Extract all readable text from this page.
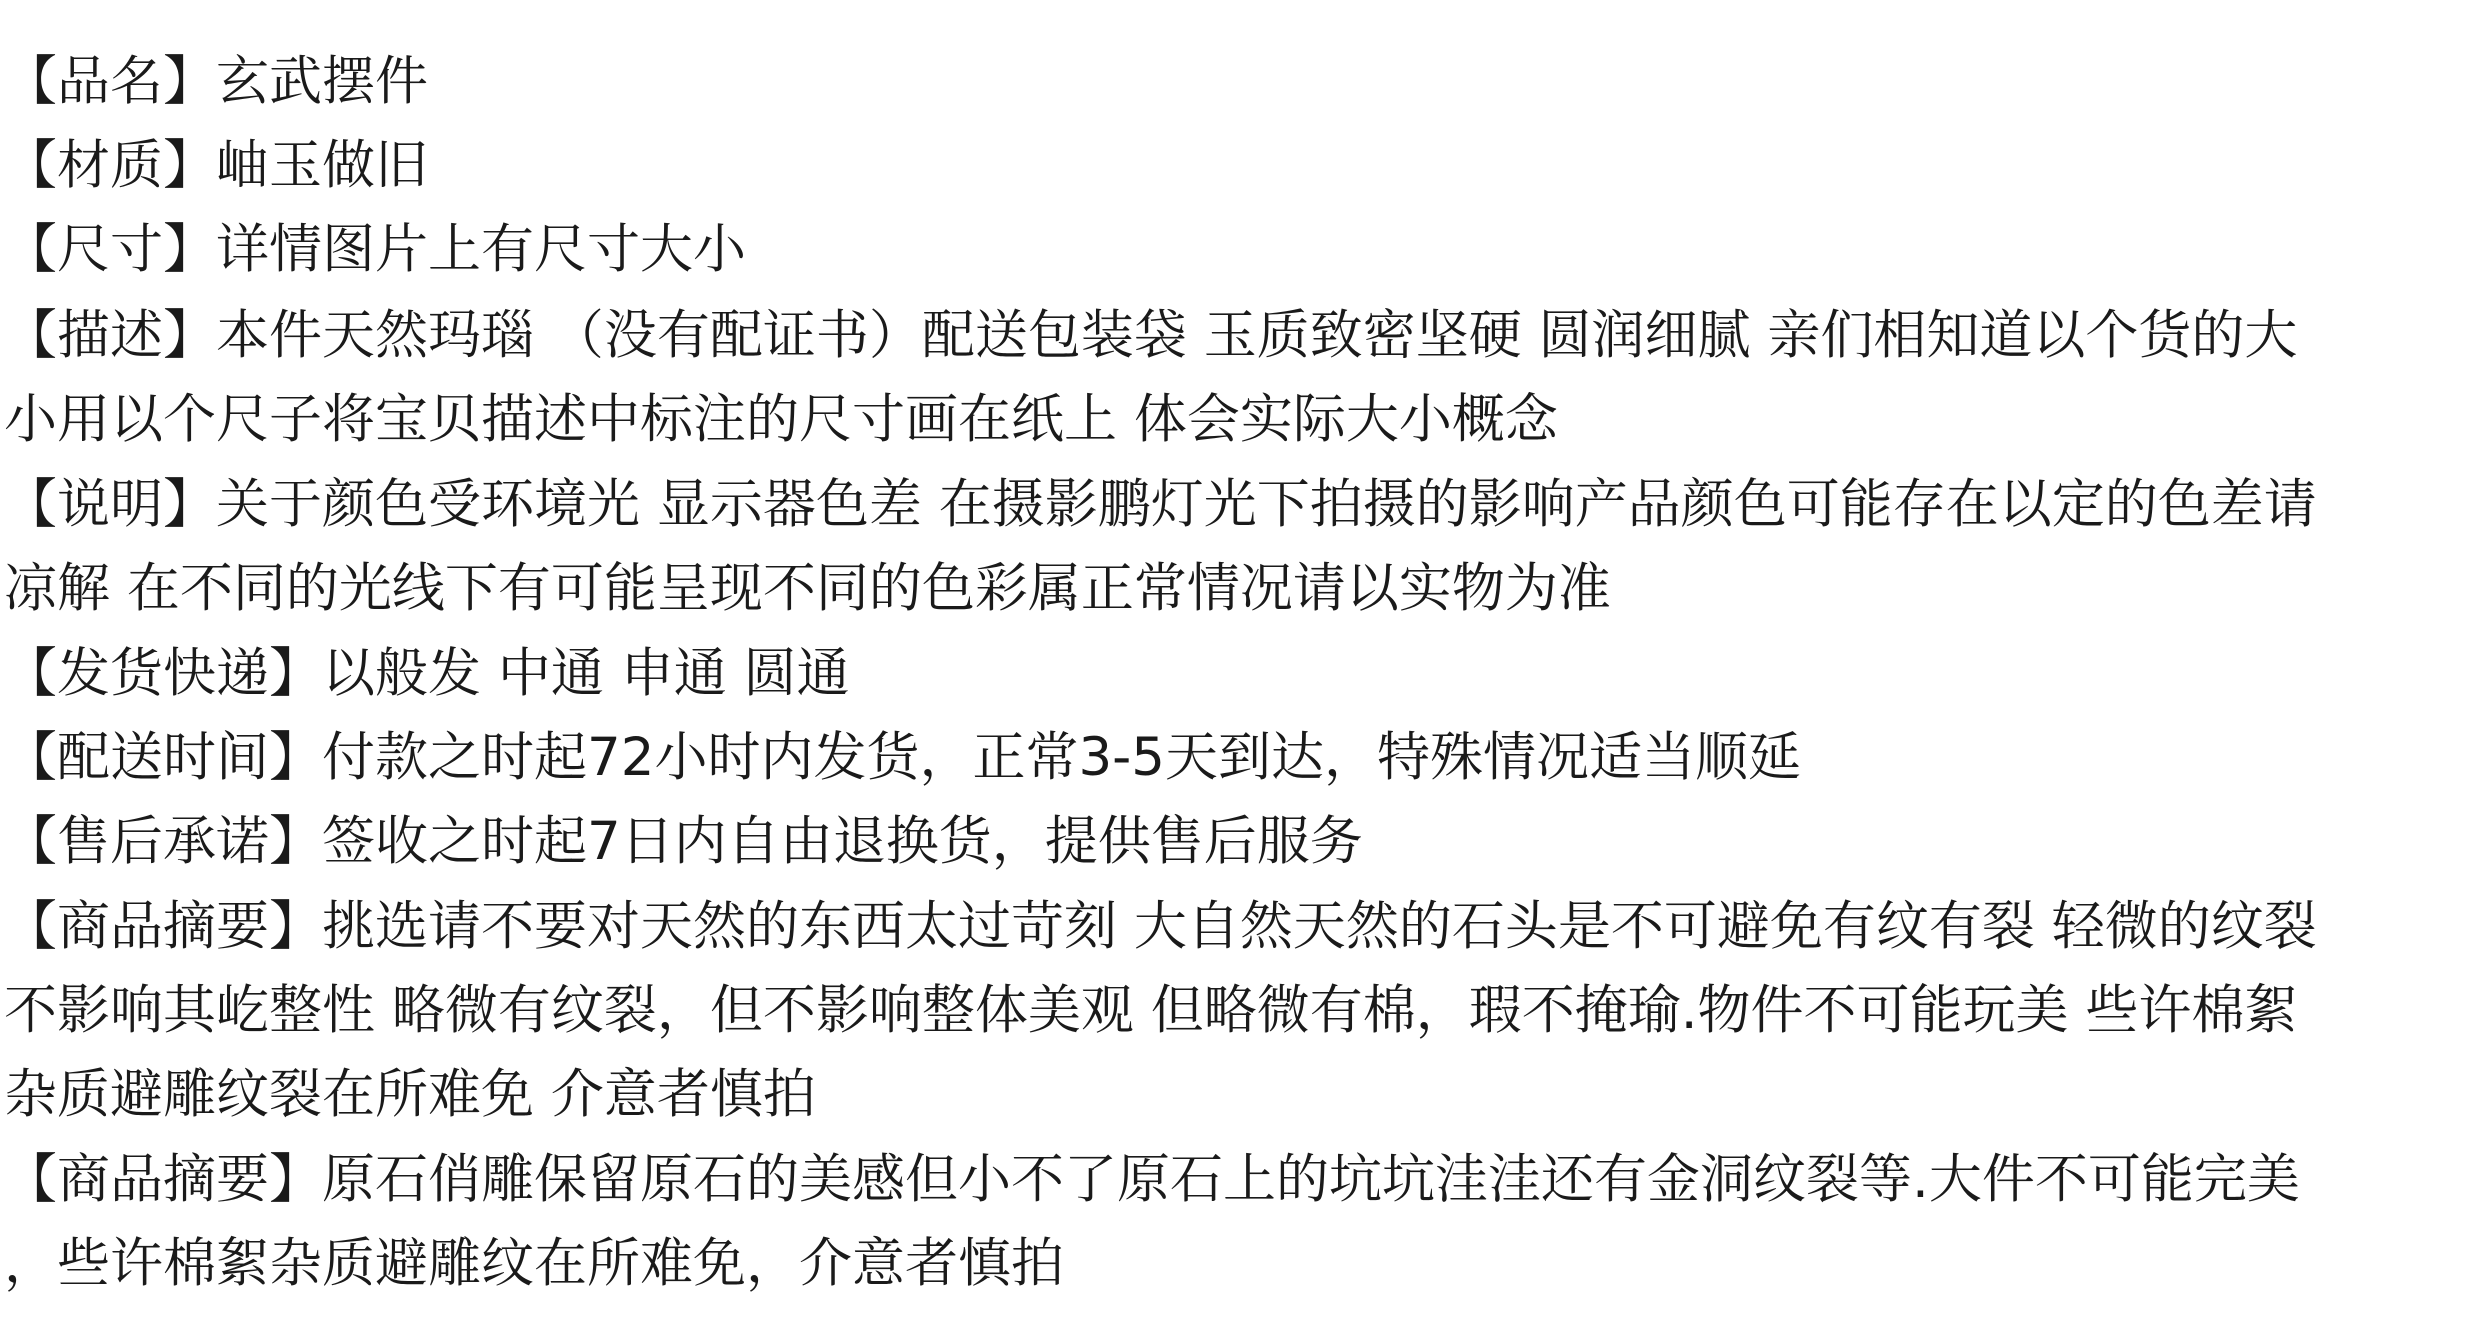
【品名】玄武摆件
【材质】岫玉做旧
【尺寸】详情图片上有尺寸大小
【描述】本件天然玛瑙 （没有配证书）配送包装袋 玉质致密坚硬 圆润细腻 亲们相知道以个货的大
小用以个尺子将宝贝描述中标注的尺寸画在纸上 体会实际大小概念
【说明】关于颜色受环境光 显示器色差 在摄影鹏灯光下拍摄的影响产品颜色可能存在以定的色差请
凉解 在不同的光线下有可能呈现不同的色彩属正常情况请以实物为准
【发货快递】以般发 中通 申通 圆通
【配送时间】付款之时起72小时内发货，正常3-5天到达，特殊情况适当顺延
【售后承诺】签收之时起7日内自由退换货，提供售后服务
【商品摘要】挑选请不要对天然的东西太过苛刻 大自然天然的石头是不可避免有纹有裂 轻微的纹裂
不影响其屹整性 略微有纹裂，但不影响整体美观 但略微有棉，瑕不掩瑜.物件不可能玩美 些许棉絮
杂质避雕纹裂在所难免 介意者慎拍
【商品摘要】原石俏雕保留原石的美感但小不了原石上的坑坑洼洼还有金洞纹裂等.大件不可能完美
，些许棉絮杂质避雕纹在所难免，介意者慎拍
